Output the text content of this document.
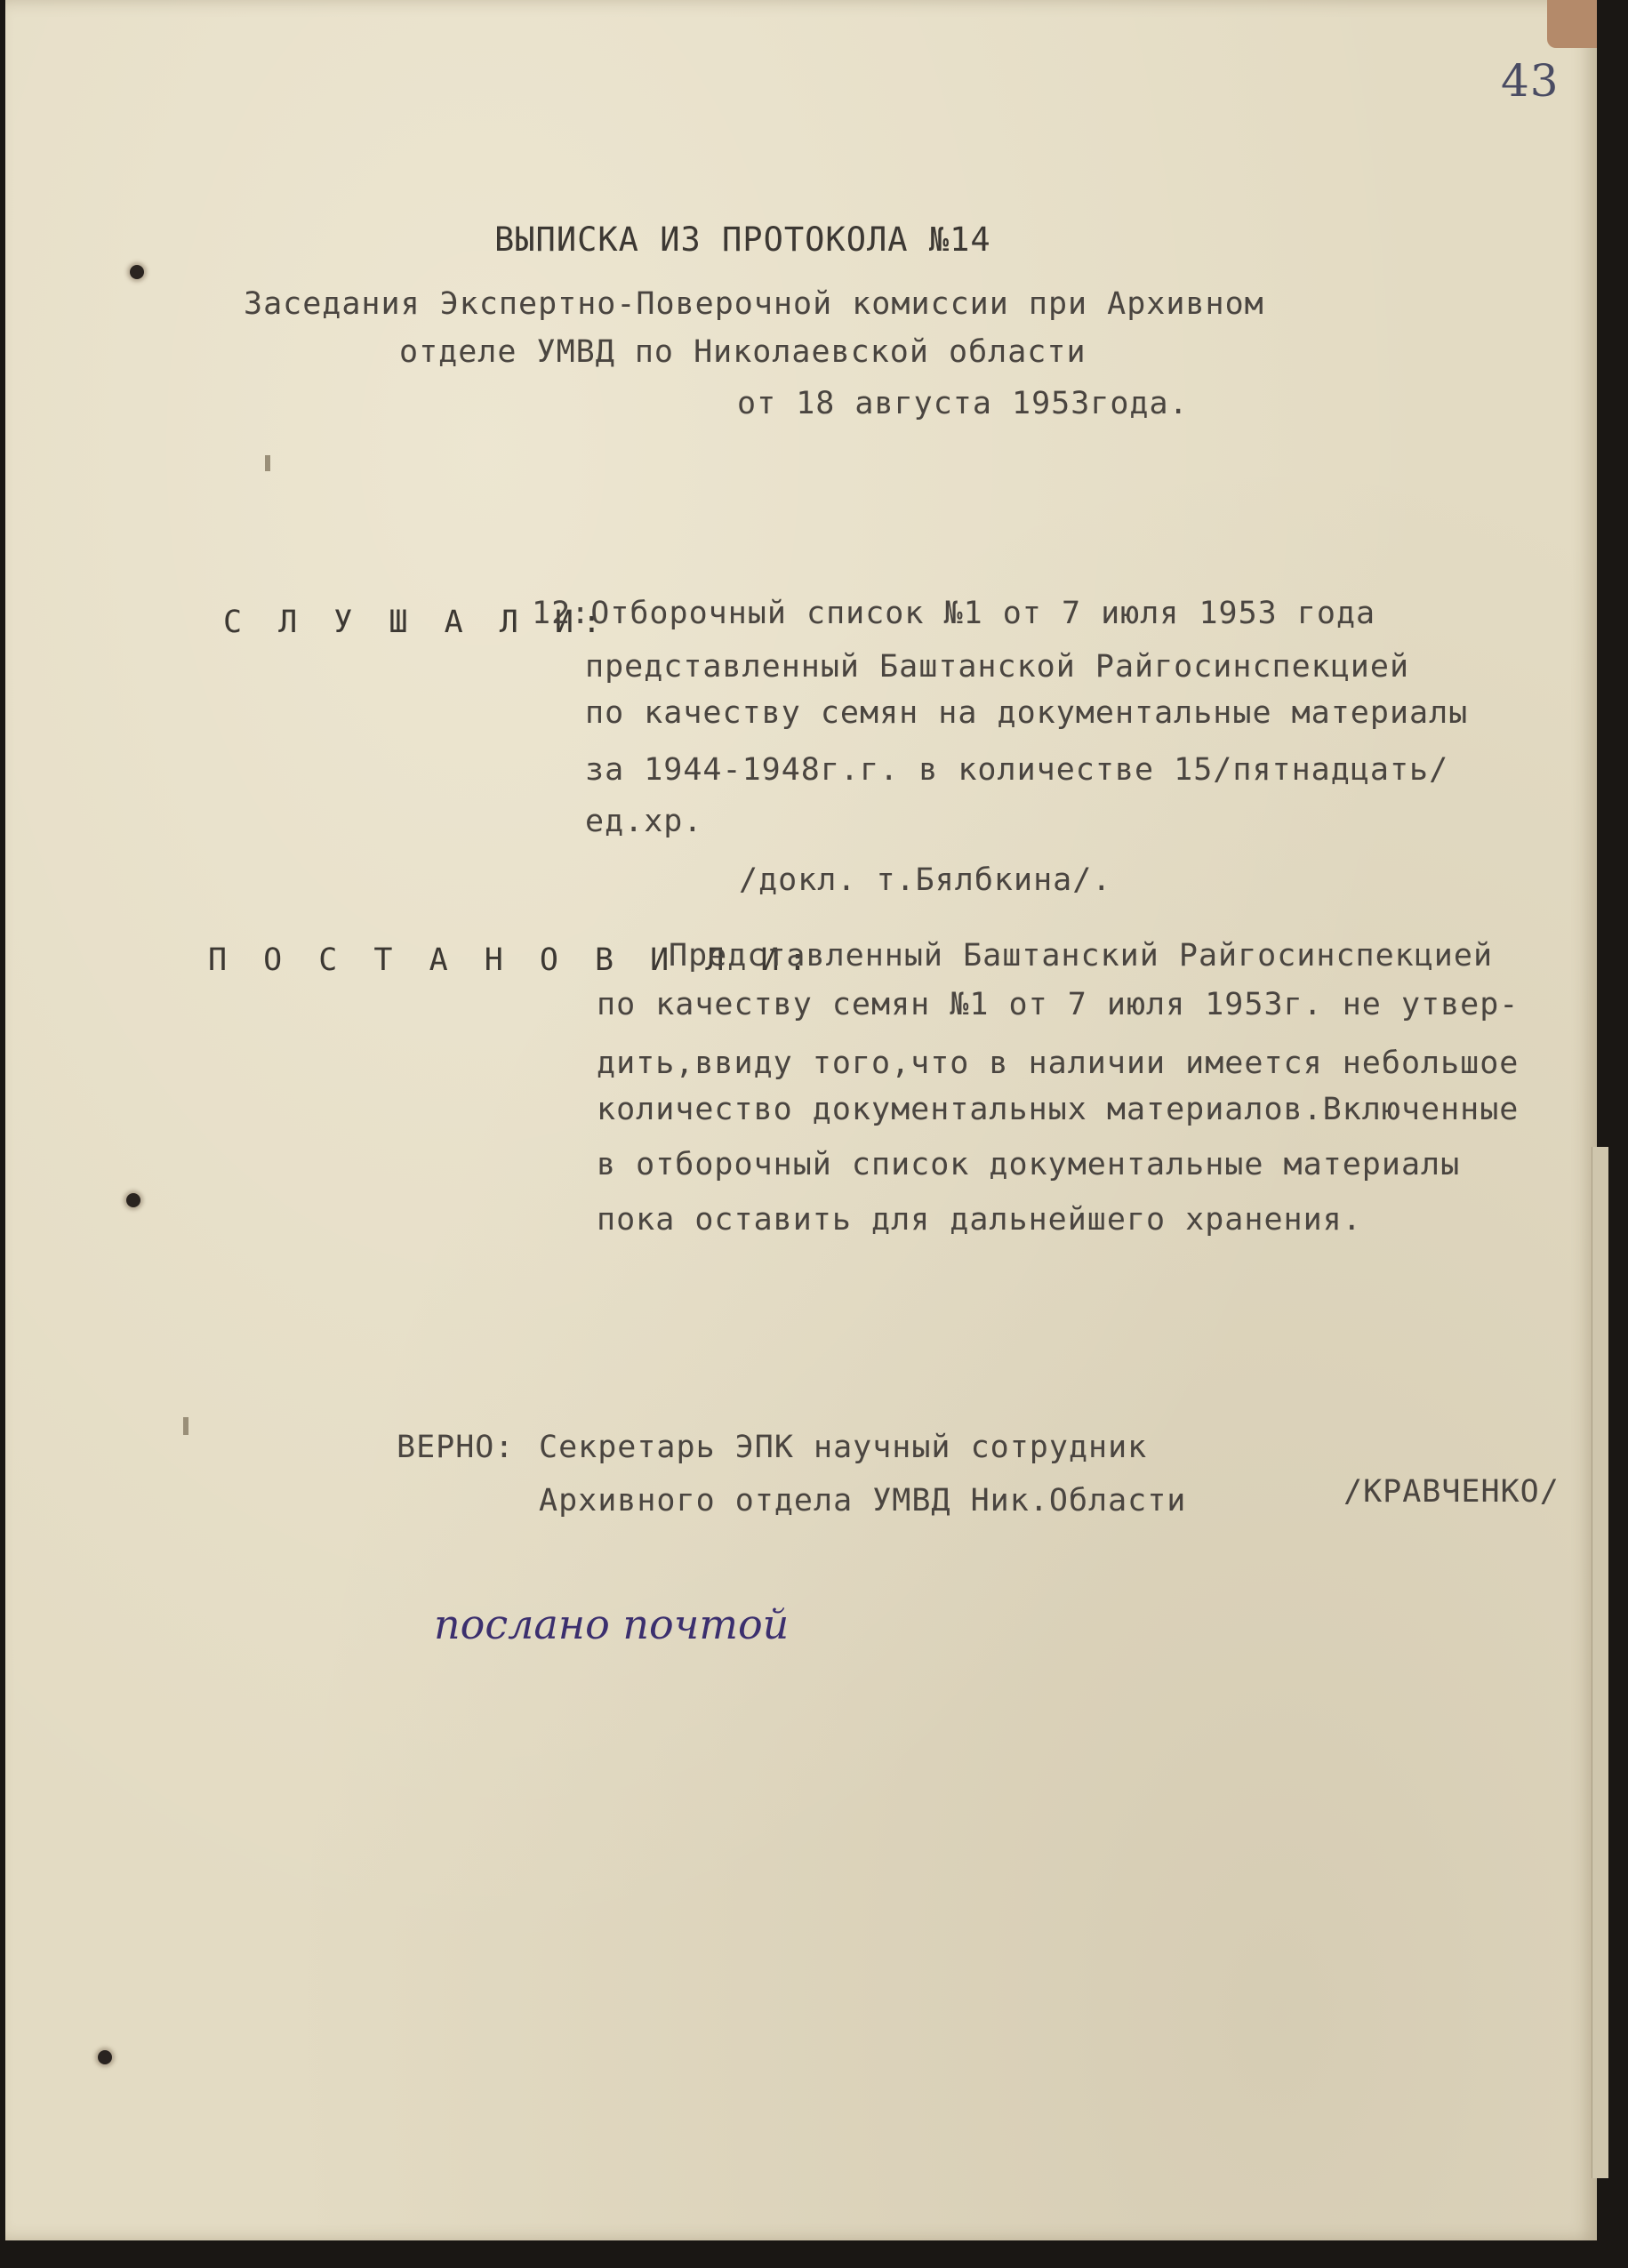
43
ВЫПИСКА ИЗ ПРОТОКОЛА №14
Заседания Экспертно-Поверочной комиссии при Архивном
отделе УМВД по Николаевской области
от 18 августа 1953года.
С Л У Ш А Л И:
12:Отборочный список №1 от 7 июля 1953 года
представленный Баштанской Райгосинспекцией
по качеству семян на документальные материалы
за 1944-1948г.г. в количестве 15/пятнадцать/
ед.хр.
/докл. т.Бялбкина/.
П О С Т А Н О В И Л И:
Представленный Баштанский Райгосинспекцией
по качеству семян №1 от 7 июля 1953г. не утвер-
дить,ввиду того,что в наличии имеется небольшое
количество документальных материалов.Включенные
в отборочный список документальные материалы
пока оставить для дальнейшего хранения.
ВЕРНО: Секретарь ЭПК научный сотрудник
Архивного отдела УМВД Ник.Области	/КРАВЧЕНКО/
послано почтой
